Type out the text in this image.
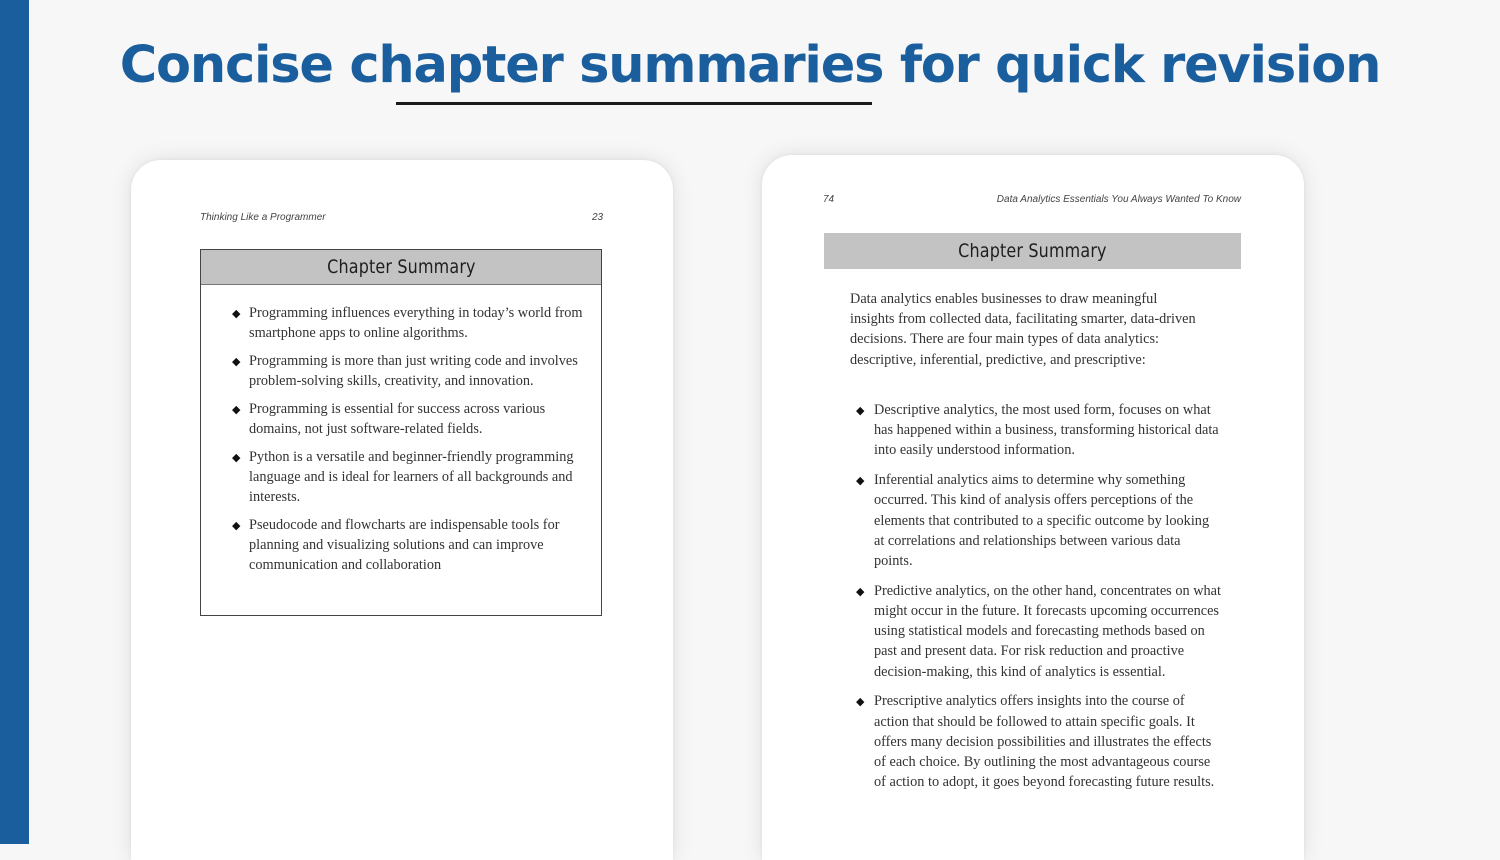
Concise chapter summaries for quick revision
Thinking Like a Programmer	23
Chapter Summary
◆ Programming influences everything in today’s world from smartphone apps to online algorithms.
◆ Programming is more than just writing code and involves problem-solving skills, creativity, and innovation.
◆ Programming is essential for success across various domains, not just software-related fields.
◆ Python is a versatile and beginner-friendly programming language and is ideal for learners of all backgrounds and interests.
◆ Pseudocode and flowcharts are indispensable tools for planning and visualizing solutions and can improve communication and collaboration
74	Data Analytics Essentials You Always Wanted To Know
Chapter Summary
Data analytics enables businesses to draw meaningful insights from collected data, facilitating smarter, data-driven decisions. There are four main types of data analytics: descriptive, inferential, predictive, and prescriptive:
◆ Descriptive analytics, the most used form, focuses on what has happened within a business, transforming historical data into easily understood information.
◆ Inferential analytics aims to determine why something occurred. This kind of analysis offers perceptions of the elements that contributed to a specific outcome by looking at correlations and relationships between various data points.
◆ Predictive analytics, on the other hand, concentrates on what might occur in the future. It forecasts upcoming occurrences using statistical models and forecasting methods based on past and present data. For risk reduction and proactive decision-making, this kind of analytics is essential.
◆ Prescriptive analytics offers insights into the course of action that should be followed to attain specific goals. It offers many decision possibilities and illustrates the effects of each choice. By outlining the most advantageous course of action to adopt, it goes beyond forecasting future results.
